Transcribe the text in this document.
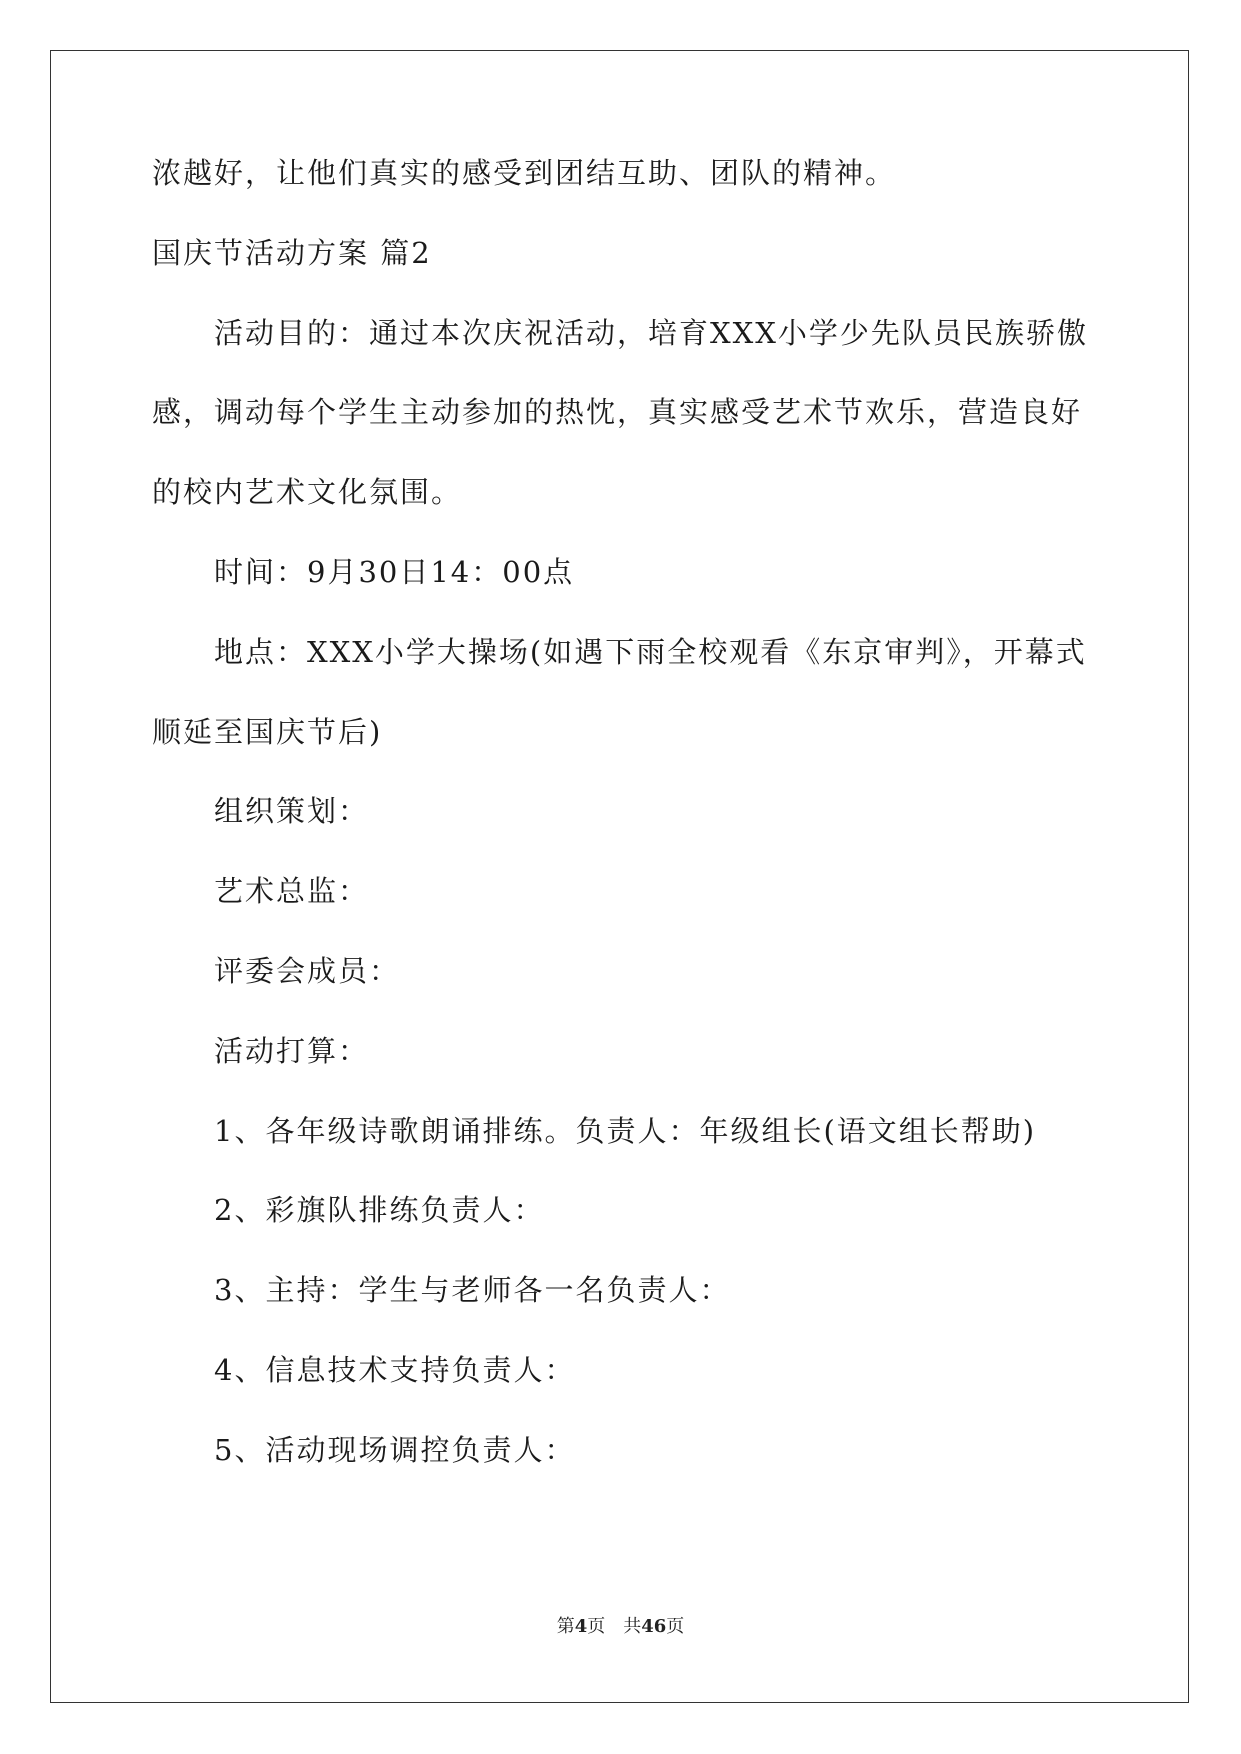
浓越好，让他们真实的感受到团结互助、团队的精神。
国庆节活动方案 篇2
活动目的：通过本次庆祝活动，培育XXX小学少先队员民族骄傲
感，调动每个学生主动参加的热忱，真实感受艺术节欢乐，营造良好
的校内艺术文化氛围。
时间：9月30日14：00点
地点：XXX小学大操场(如遇下雨全校观看《东京审判》，开幕式
顺延至国庆节后)
组织策划：
艺术总监：
评委会成员：
活动打算：
1、各年级诗歌朗诵排练。负责人：年级组长(语文组长帮助)
2、彩旗队排练负责人：
3、主持：学生与老师各一名负责人：
4、信息技术支持负责人：
5、活动现场调控负责人：
第4页 共46页
